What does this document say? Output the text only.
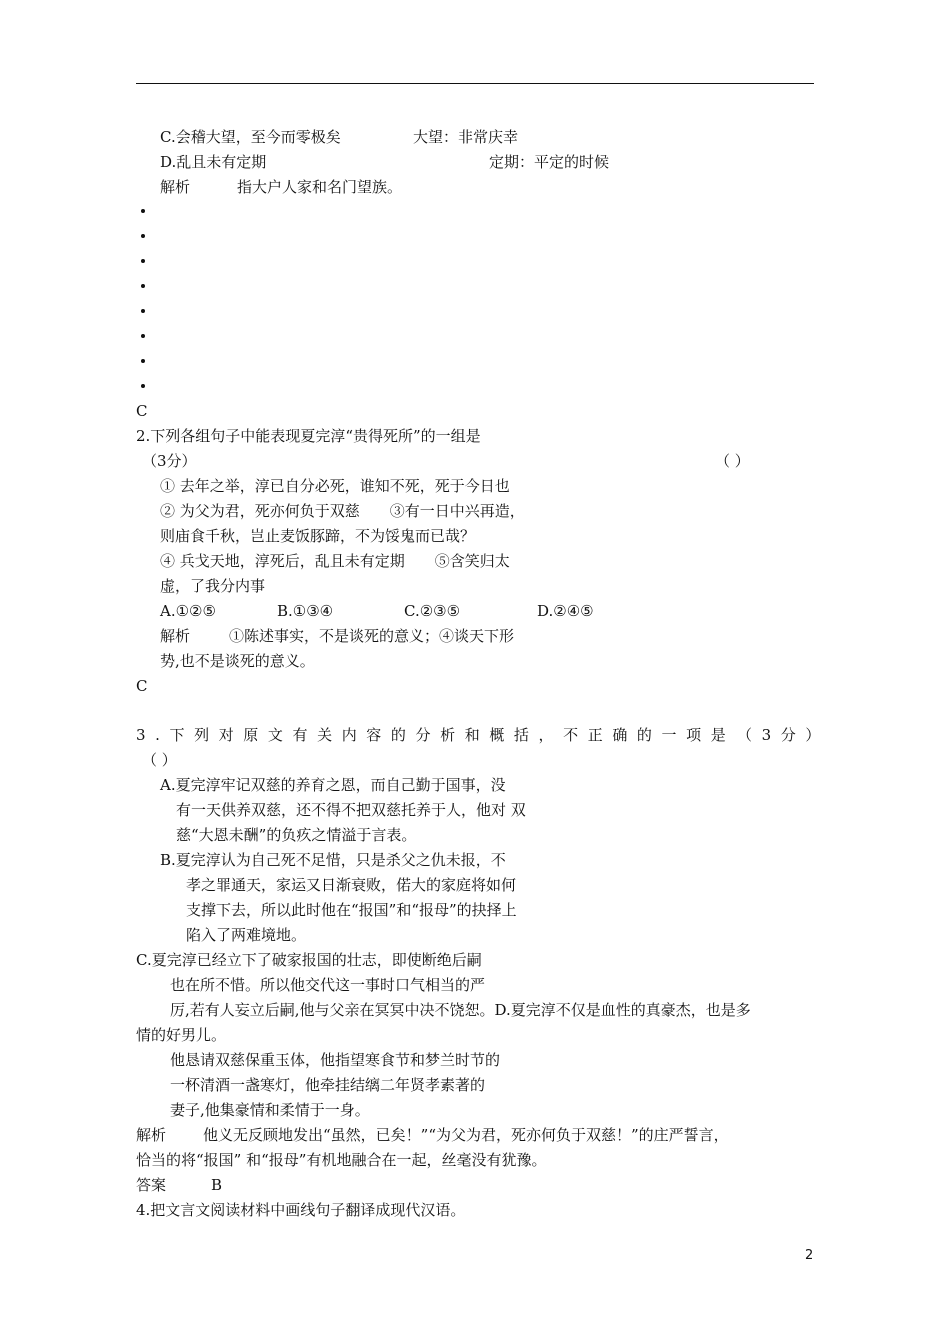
C.会稽大望，至今而零极矣	大望：非常庆幸
D.乱且未有定期	定期：平定的时候
解析	指大户人家和名门望族。
C
2.下列各组句子中能表现夏完淳“贵得死所”的一组是
（3分）	（ ）
① 去年之举，淳已自分必死，谁知不死，死于今日也
② 为父为君，死亦何负于双慈　　③有一日中兴再造，
则庙食千秋，岂止麦饭豚蹄，不为馁鬼而已哉？
④ 兵戈天地，淳死后，乱且未有定期　　⑤含笑归太
虚，了我分内事
A.①②⑤	B.①③④	C.②③⑤	D.②④⑤
解析	①陈述事实，不是谈死的意义；④谈天下形
势,也不是谈死的意义。
C
3.下列对原文有关内容的分析和概括，不正确的一项是 （3分）
（ ）
A.夏完淳牢记双慈的养育之恩，而自己勤于国事，没
有一天供养双慈，还不得不把双慈托养于人，他对 双
慈“大恩未酬”的负疚之情溢于言表。
B.夏完淳认为自己死不足惜，只是杀父之仇未报，不
孝之罪通天，家运又日渐衰败，偌大的家庭将如何
支撑下去，所以此时他在“报国”和“报母”的抉择上
陷入了两难境地。
C.夏完淳已经立下了破家报国的壮志，即使断绝后嗣
也在所不惜。所以他交代这一事时口气相当的严
厉,若有人妄立后嗣,他与父亲在冥冥中决不饶恕。D.夏完淳不仅是血性的真豪杰，也是多
情的好男儿。
他恳请双慈保重玉体，他指望寒食节和梦兰时节的
一杯清酒一盏寒灯，他牵挂结缡二年贤孝素著的
妻子,他集豪情和柔情于一身。
解析 他义无反顾地发出“虽然，已矣！”“为父为君，死亦何负于双慈！”的庄严誓言，
恰当的将“报国” 和“报母”有机地融合在一起，丝毫没有犹豫。
答案	B
4.把文言文阅读材料中画线句子翻译成现代汉语。
2
